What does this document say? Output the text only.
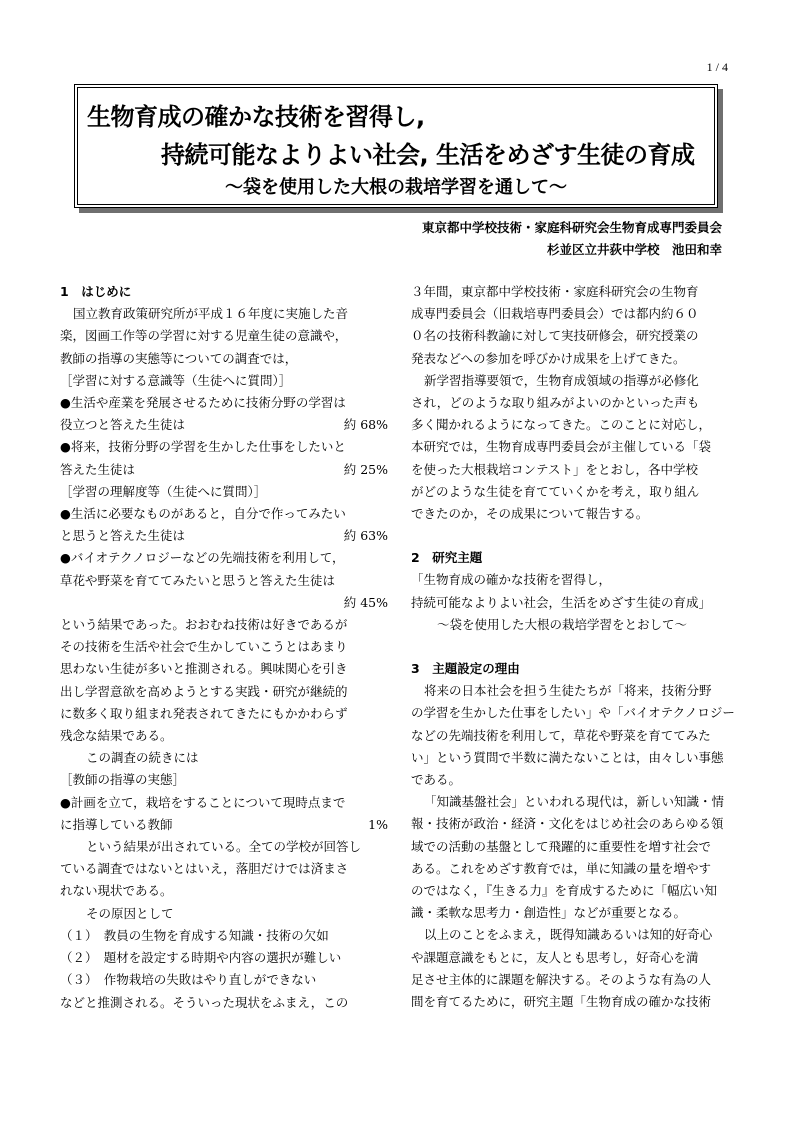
1 / 4
生物育成の確かな技術を習得し,
持続可能なよりよい社会, 生活をめざす生徒の育成
～袋を使用した大根の栽培学習を通して～
東京都中学校技術・家庭科研究会生物育成専門委員会
杉並区立井荻中学校　池田和幸

1　はじめに

国立教育政策研究所が平成１６年度に実施した音

楽，図画工作等の学習に対する児童生徒の意識や，

教師の指導の実態等についての調査では，

［学習に対する意識等（生徒へに質問）］

●生活や産業を発展させるために技術分野の学習は

約 68%
役立つと答えた生徒は

●将来，技術分野の学習を生かした仕事をしたいと

約 25%
答えた生徒は

［学習の理解度等（生徒へに質問）］

●生活に必要なものがあると，自分で作ってみたい

約 63%
と思うと答えた生徒は

●バイオテクノロジーなどの先端技術を利用して，

草花や野菜を育ててみたいと思うと答えた生徒は

約 45%

という結果であった。おおむね技術は好きであるが

その技術を生活や社会で生かしていこうとはあまり

思わない生徒が多いと推測される。興味関心を引き

出し学習意欲を高めようとする実践・研究が継続的

に数多く取り組まれ発表されてきたにもかかわらず

残念な結果である。

この調査の続きには

［教師の指導の実態］

●計画を立て，栽培をすることについて現時点まで

1%
に指導している教師

という結果が出されている。全ての学校が回答し

ている調査ではないとはいえ，落胆だけでは済まさ

れない現状である。

その原因として

（１）　教員の生物を育成する知識・技術の欠如

（２）　題材を設定する時期や内容の選択が難しい

（３）　作物栽培の失敗はやり直しができない

などと推測される。そういった現状をふまえ，この

３年間，東京都中学校技術・家庭科研究会の生物育

成専門委員会（旧栽培専門委員会）では都内約６０

０名の技術科教諭に対して実技研修会，研究授業の

発表などへの参加を呼びかけ成果を上げてきた。

新学習指導要領で，生物育成領域の指導が必修化

され，どのような取り組みがよいのかといった声も

多く聞かれるようになってきた。このことに対応し，

本研究では，生物育成専門委員会が主催している「袋

を使った大根栽培コンテスト」をとおし，各中学校

がどのような生徒を育てていくかを考え，取り組ん

できたのか，その成果について報告する。

2　研究主題

「生物育成の確かな技術を習得し，

持続可能なよりよい社会，生活をめざす生徒の育成」

～袋を使用した大根の栽培学習をとおして～

3　主題設定の理由

将来の日本社会を担う生徒たちが「将来，技術分野

の学習を生かした仕事をしたい」や「バイオテクノロジー

などの先端技術を利用して，草花や野菜を育ててみた

い」という質問で半数に満たないことは，由々しい事態

である。

「知識基盤社会」といわれる現代は，新しい知識・情

報・技術が政治・経済・文化をはじめ社会のあらゆる領

域での活動の基盤として飛躍的に重要性を増す社会で

ある。これをめざす教育では，単に知識の量を増やす

のではなく，『生きる力』を育成するために「幅広い知

識・柔軟な思考力・創造性」などが重要となる。

以上のことをふまえ，既得知識あるいは知的好奇心

や課題意識をもとに，友人とも思考し，好奇心を満

足させ主体的に課題を解決する。そのような有為の人

間を育てるために，研究主題「生物育成の確かな技術
